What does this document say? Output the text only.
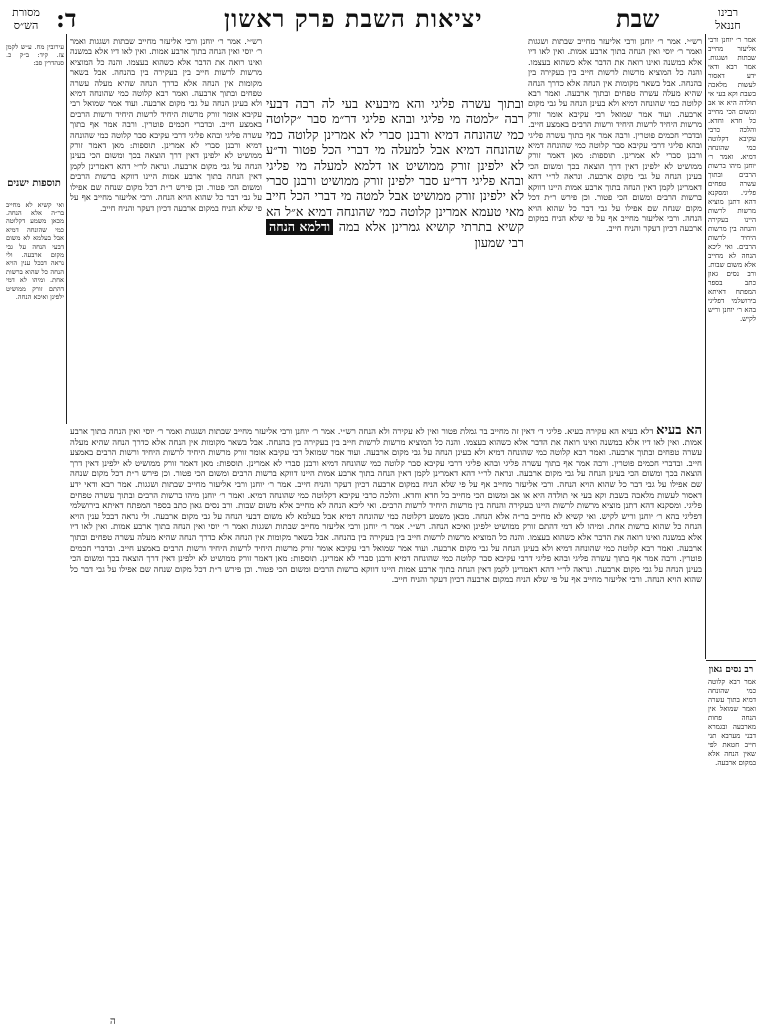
מסורת הש״ס ד:	יציאות השבת פרק ראשון	שבת	רבינו חננאל

עירובין מח. ע״ש לקמן צז. קיד: ב״ק כ. סנהדרין סב:

תוספות ישנים

ואי קשיא לא מחייב בר״ה אלא הנחה. מכאן משמע דקלוטה כמי שהונחה דמיא אבל בעלמא לא משום דבעי הנחה על גבי מקום ארבעה. ולי נראה דבכל ענין הויא הנחה כל שהוא ברשות אחת. ומיהו לא דמי דהתם זורק ממושיט ילפינן ואיכא הנחה.

אמר ר׳ יוחנן ורבי אליעזר מחייב שבתות ושגגות. אמר רבא ודאי ידע דאסור לעשות מלאכה בשבת וקא בעי אי תולדה היא או אב ומשום הכי מחייב כל חדא וחדא. והלכה כרבי עקיבא דקלוטה כמי שהונחה דמיא. ואמר ר׳ יוחנן מיהו ברשות הרבים ובתוך עשרה טפחים פליגי. ומסקנא דהא דתנן מוציא מרשות לרשות היינו בעקירה והנחה בין מרשות היחיד לרשות הרבים. ואי ליכא הנחה לא מחייב אלא משום שבות. ורב נסים גאון כתב בספר המפתח דאיתא בירושלמי דפליגי בהא ר׳ יוחנן וריש לקיש.

רש״י. אמר ר׳ יוחנן ורבי אליעזר מחייב שבתות ושגגות ואמר ר׳ יוסי ואין הנחה בתוך ארבע אמות. ואין לאו דיו אלא במשנה ואינו רואה את הדבר אלא כשהוא בעצמו. והנה כל המוציא מרשות לרשות חייב בין בעקירה בין בהנחה. אבל בשאר מקומות אין הנחה אלא כדרך הנחה שהיא מעלה עשרה טפחים ובתוך ארבעה. ואמר רבא קלוטה כמי שהונחה דמיא ולא בעינן הנחה על גבי מקום ארבעה. ועוד אמר שמואל רבי עקיבא אומר זורק מרשות היחיד לרשות היחיד ורשות הרבים באמצע חייב. ובדברי חכמים פוטרין. ורבה אמר אף בתוך עשרה פליגי ובהא פליגי דרבי עקיבא סבר קלוטה כמי שהונחה דמיא ורבנן סברי לא אמרינן. תוספות: מאן דאמר זורק ממושיט לא ילפינן דאין דרך הוצאה בכך ומשום הכי בעינן הנחה על גבי מקום ארבעה. ונראה לר״י דהא דאמרינן לקמן דאין הנחה בתוך ארבע אמות היינו דווקא ברשות הרבים ומשום הכי פטור. וכן פירש ר״ת דכל מקום שנחה שם אפילו על גבי דבר כל שהוא הויא הנחה. ורבי אליעזר מחייב אף על פי שלא הניח במקום ארבעה דכיון דעקר והניח חייב.

רש״י. אמר ר׳ יוחנן ורבי אליעזר מחייב שבתות ושגגות ואמר ר׳ יוסי ואין הנחה בתוך ארבע אמות. ואין לאו דיו אלא במשנה ואינו רואה את הדבר אלא כשהוא בעצמו. והנה כל המוציא מרשות לרשות חייב בין בעקירה בין בהנחה. אבל בשאר מקומות אין הנחה אלא כדרך הנחה שהיא מעלה עשרה טפחים ובתוך ארבעה. ואמר רבא קלוטה כמי שהונחה דמיא ולא בעינן הנחה על גבי מקום ארבעה. ועוד אמר שמואל רבי עקיבא אומר זורק מרשות היחיד לרשות היחיד ורשות הרבים באמצע חייב. ובדברי חכמים פוטרין. ורבה אמר אף בתוך עשרה פליגי ובהא פליגי דרבי עקיבא סבר קלוטה כמי שהונחה דמיא ורבנן סברי לא אמרינן. תוספות: מאן דאמר זורק ממושיט לא ילפינן דאין דרך הוצאה בכך ומשום הכי בעינן הנחה על גבי מקום ארבעה. ונראה לר״י דהא דאמרינן לקמן דאין הנחה בתוך ארבע אמות היינו דווקא ברשות הרבים ומשום הכי פטור. וכן פירש ר״ת דכל מקום שנחה שם אפילו על גבי דבר כל שהוא הויא הנחה. ורבי אליעזר מחייב אף על פי שלא הניח במקום ארבעה דכיון דעקר והניח חייב.

ובתוך עשרה פליגי והא מיבעיא בעי לה רבה דבעי רבה ״למטה מי פליגי ובהא פליגי דר״מ סבר ״קלוטה כמי שהונחה דמיא ורבנן סברי לא אמרינן קלוטה כמי שהונחה דמיא אבל למעלה מי דברי הכל פטור וד״ע לא ילפינן זורק ממושיט או דלמא למעלה מי פליגי ובהא פליגי דר״ע סבר ילפינן זורק ממושיט ורבנן סברי לא ילפינן זורק ממושיט אבל למטה מי דברי הכל חייב מאי טעמא אמרינן קלוטה כמי שהונחה דמיא א״ל הא קשיא בתרתי קושיא גמרינן אלא במה ודלמא הנחה רבי שמעון

הא בעיא דלא בעיא הא עקירה בעיא. פליגי ד׳ דאין זה מחייב בר גמלת פטור ואין לא עקירה ולא הנחה רש״י. אמר ר׳ יוחנן ורבי אליעזר מחייב שבתות ושגגות ואמר ר׳ יוסי ואין הנחה בתוך ארבע אמות. ואין לאו דיו אלא במשנה ואינו רואה את הדבר אלא כשהוא בעצמו. והנה כל המוציא מרשות לרשות חייב בין בעקירה בין בהנחה. אבל בשאר מקומות אין הנחה אלא כדרך הנחה שהיא מעלה עשרה טפחים ובתוך ארבעה. ואמר רבא קלוטה כמי שהונחה דמיא ולא בעינן הנחה על גבי מקום ארבעה. ועוד אמר שמואל רבי עקיבא אומר זורק מרשות היחיד לרשות היחיד ורשות הרבים באמצע חייב. ובדברי חכמים פוטרין. ורבה אמר אף בתוך עשרה פליגי ובהא פליגי דרבי עקיבא סבר קלוטה כמי שהונחה דמיא ורבנן סברי לא אמרינן. תוספות: מאן דאמר זורק ממושיט לא ילפינן דאין דרך הוצאה בכך ומשום הכי בעינן הנחה על גבי מקום ארבעה. ונראה לר״י דהא דאמרינן לקמן דאין הנחה בתוך ארבע אמות היינו דווקא ברשות הרבים ומשום הכי פטור. וכן פירש ר״ת דכל מקום שנחה שם אפילו על גבי דבר כל שהוא הויא הנחה. ורבי אליעזר מחייב אף על פי שלא הניח במקום ארבעה דכיון דעקר והניח חייב. אמר ר׳ יוחנן ורבי אליעזר מחייב שבתות ושגגות. אמר רבא ודאי ידע דאסור לעשות מלאכה בשבת וקא בעי אי תולדה היא או אב ומשום הכי מחייב כל חדא וחדא. והלכה כרבי עקיבא דקלוטה כמי שהונחה דמיא. ואמר ר׳ יוחנן מיהו ברשות הרבים ובתוך עשרה טפחים פליגי. ומסקנא דהא דתנן מוציא מרשות לרשות היינו בעקירה והנחה בין מרשות היחיד לרשות הרבים. ואי ליכא הנחה לא מחייב אלא משום שבות. ורב נסים גאון כתב בספר המפתח דאיתא בירושלמי דפליגי בהא ר׳ יוחנן וריש לקיש. ואי קשיא לא מחייב בר״ה אלא הנחה. מכאן משמע דקלוטה כמי שהונחה דמיא אבל בעלמא לא משום דבעי הנחה על גבי מקום ארבעה. ולי נראה דבכל ענין הויא הנחה כל שהוא ברשות אחת. ומיהו לא דמי דהתם זורק ממושיט ילפינן ואיכא הנחה. רש״י. אמר ר׳ יוחנן ורבי אליעזר מחייב שבתות ושגגות ואמר ר׳ יוסי ואין הנחה בתוך ארבע אמות. ואין לאו דיו אלא במשנה ואינו רואה את הדבר אלא כשהוא בעצמו. והנה כל המוציא מרשות לרשות חייב בין בעקירה בין בהנחה. אבל בשאר מקומות אין הנחה אלא כדרך הנחה שהיא מעלה עשרה טפחים ובתוך ארבעה. ואמר רבא קלוטה כמי שהונחה דמיא ולא בעינן הנחה על גבי מקום ארבעה. ועוד אמר שמואל רבי עקיבא אומר זורק מרשות היחיד לרשות היחיד ורשות הרבים באמצע חייב. ובדברי חכמים פוטרין. ורבה אמר אף בתוך עשרה פליגי ובהא פליגי דרבי עקיבא סבר קלוטה כמי שהונחה דמיא ורבנן סברי לא אמרינן. תוספות: מאן דאמר זורק ממושיט לא ילפינן דאין דרך הוצאה בכך ומשום הכי בעינן הנחה על גבי מקום ארבעה. ונראה לר״י דהא דאמרינן לקמן דאין הנחה בתוך ארבע אמות היינו דווקא ברשות הרבים ומשום הכי פטור. וכן פירש ר״ת דכל מקום שנחה שם אפילו על גבי דבר כל שהוא הויא הנחה. ורבי אליעזר מחייב אף על פי שלא הניח במקום ארבעה דכיון דעקר והניח חייב.

רב נסים גאון

אמר רבא קלוטה כמי שהונחה דמיא בתוך עשרה ואמר שמואל אין הנחה פחות מארבעה ובגמרא דבני מערבא תני חייב חטאת לפי שאין הנחה אלא במקום ארבעה.

ה
